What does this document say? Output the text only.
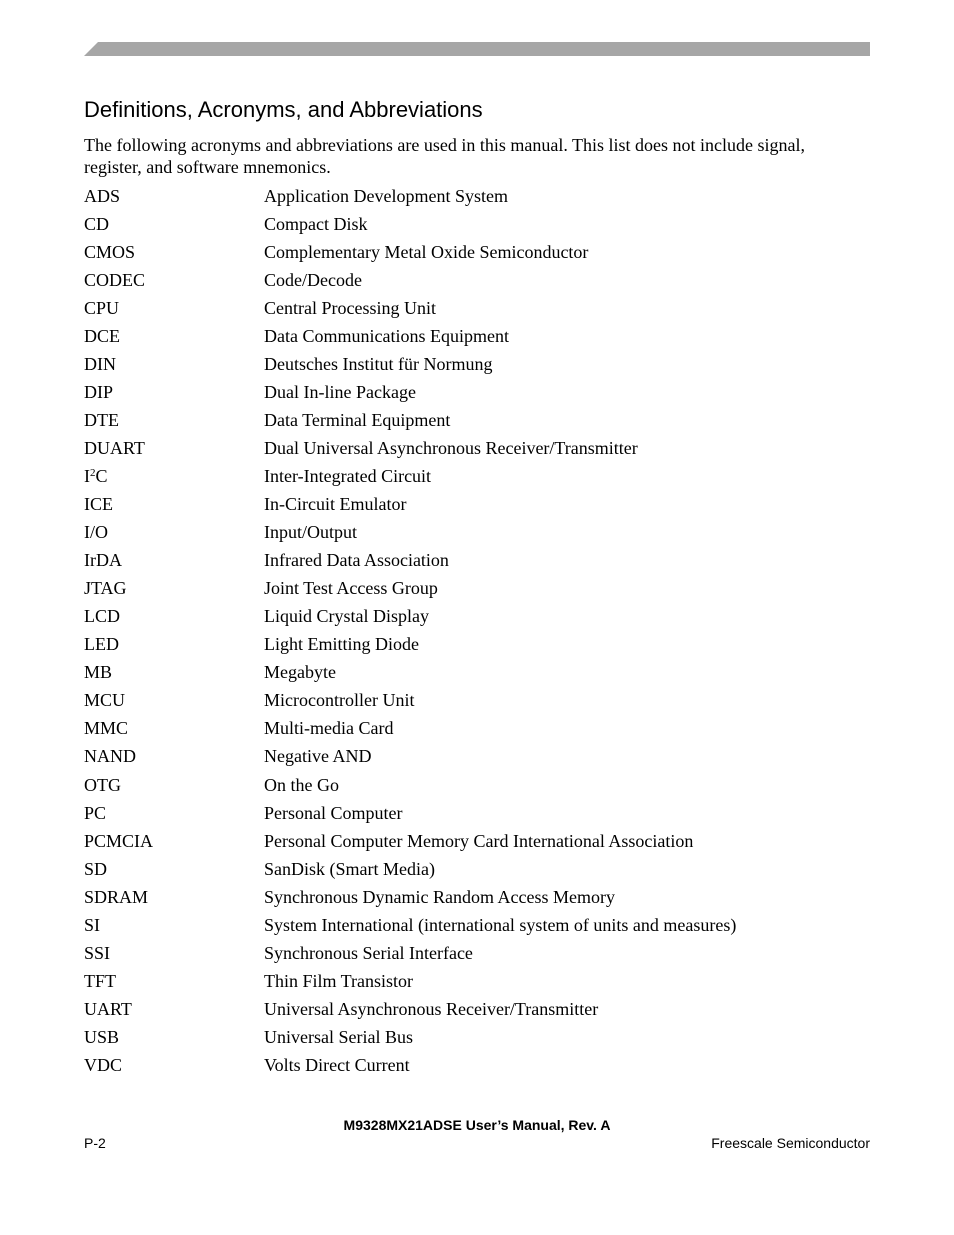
Definitions, Acronyms, and Abbreviations

The following acronyms and abbreviations are used in this manual. This list does not include signal, register, and software mnemonics.

ADS	Application Development System
CD	Compact Disk
CMOS	Complementary Metal Oxide Semiconductor
CODEC	Code/Decode
CPU	Central Processing Unit
DCE	Data Communications Equipment
DIN	Deutsches Institut für Normung
DIP	Dual In-line Package
DTE	Data Terminal Equipment
DUART	Dual Universal Asynchronous Receiver/Transmitter
$I^2C$	Inter-Integrated Circuit
ICE	In-Circuit Emulator
I/O	Input/Output
IrDA	Infrared Data Association
JTAG	Joint Test Access Group
LCD	Liquid Crystal Display
LED	Light Emitting Diode
MB	Megabyte
MCU	Microcontroller Unit
MMC	Multi-media Card
NAND	Negative AND
OTG	On the Go
PC	Personal Computer
PCMCIA	Personal Computer Memory Card International Association
SD	SanDisk (Smart Media)
SDRAM	Synchronous Dynamic Random Access Memory
SI	System International (international system of units and measures)
SSI	Synchronous Serial Interface
TFT	Thin Film Transistor
UART	Universal Asynchronous Receiver/Transmitter
USB	Universal Serial Bus
VDC	Volts Direct Current
M9328MX21ADSE User’s Manual, Rev. A
P-2	Freescale Semiconductor
